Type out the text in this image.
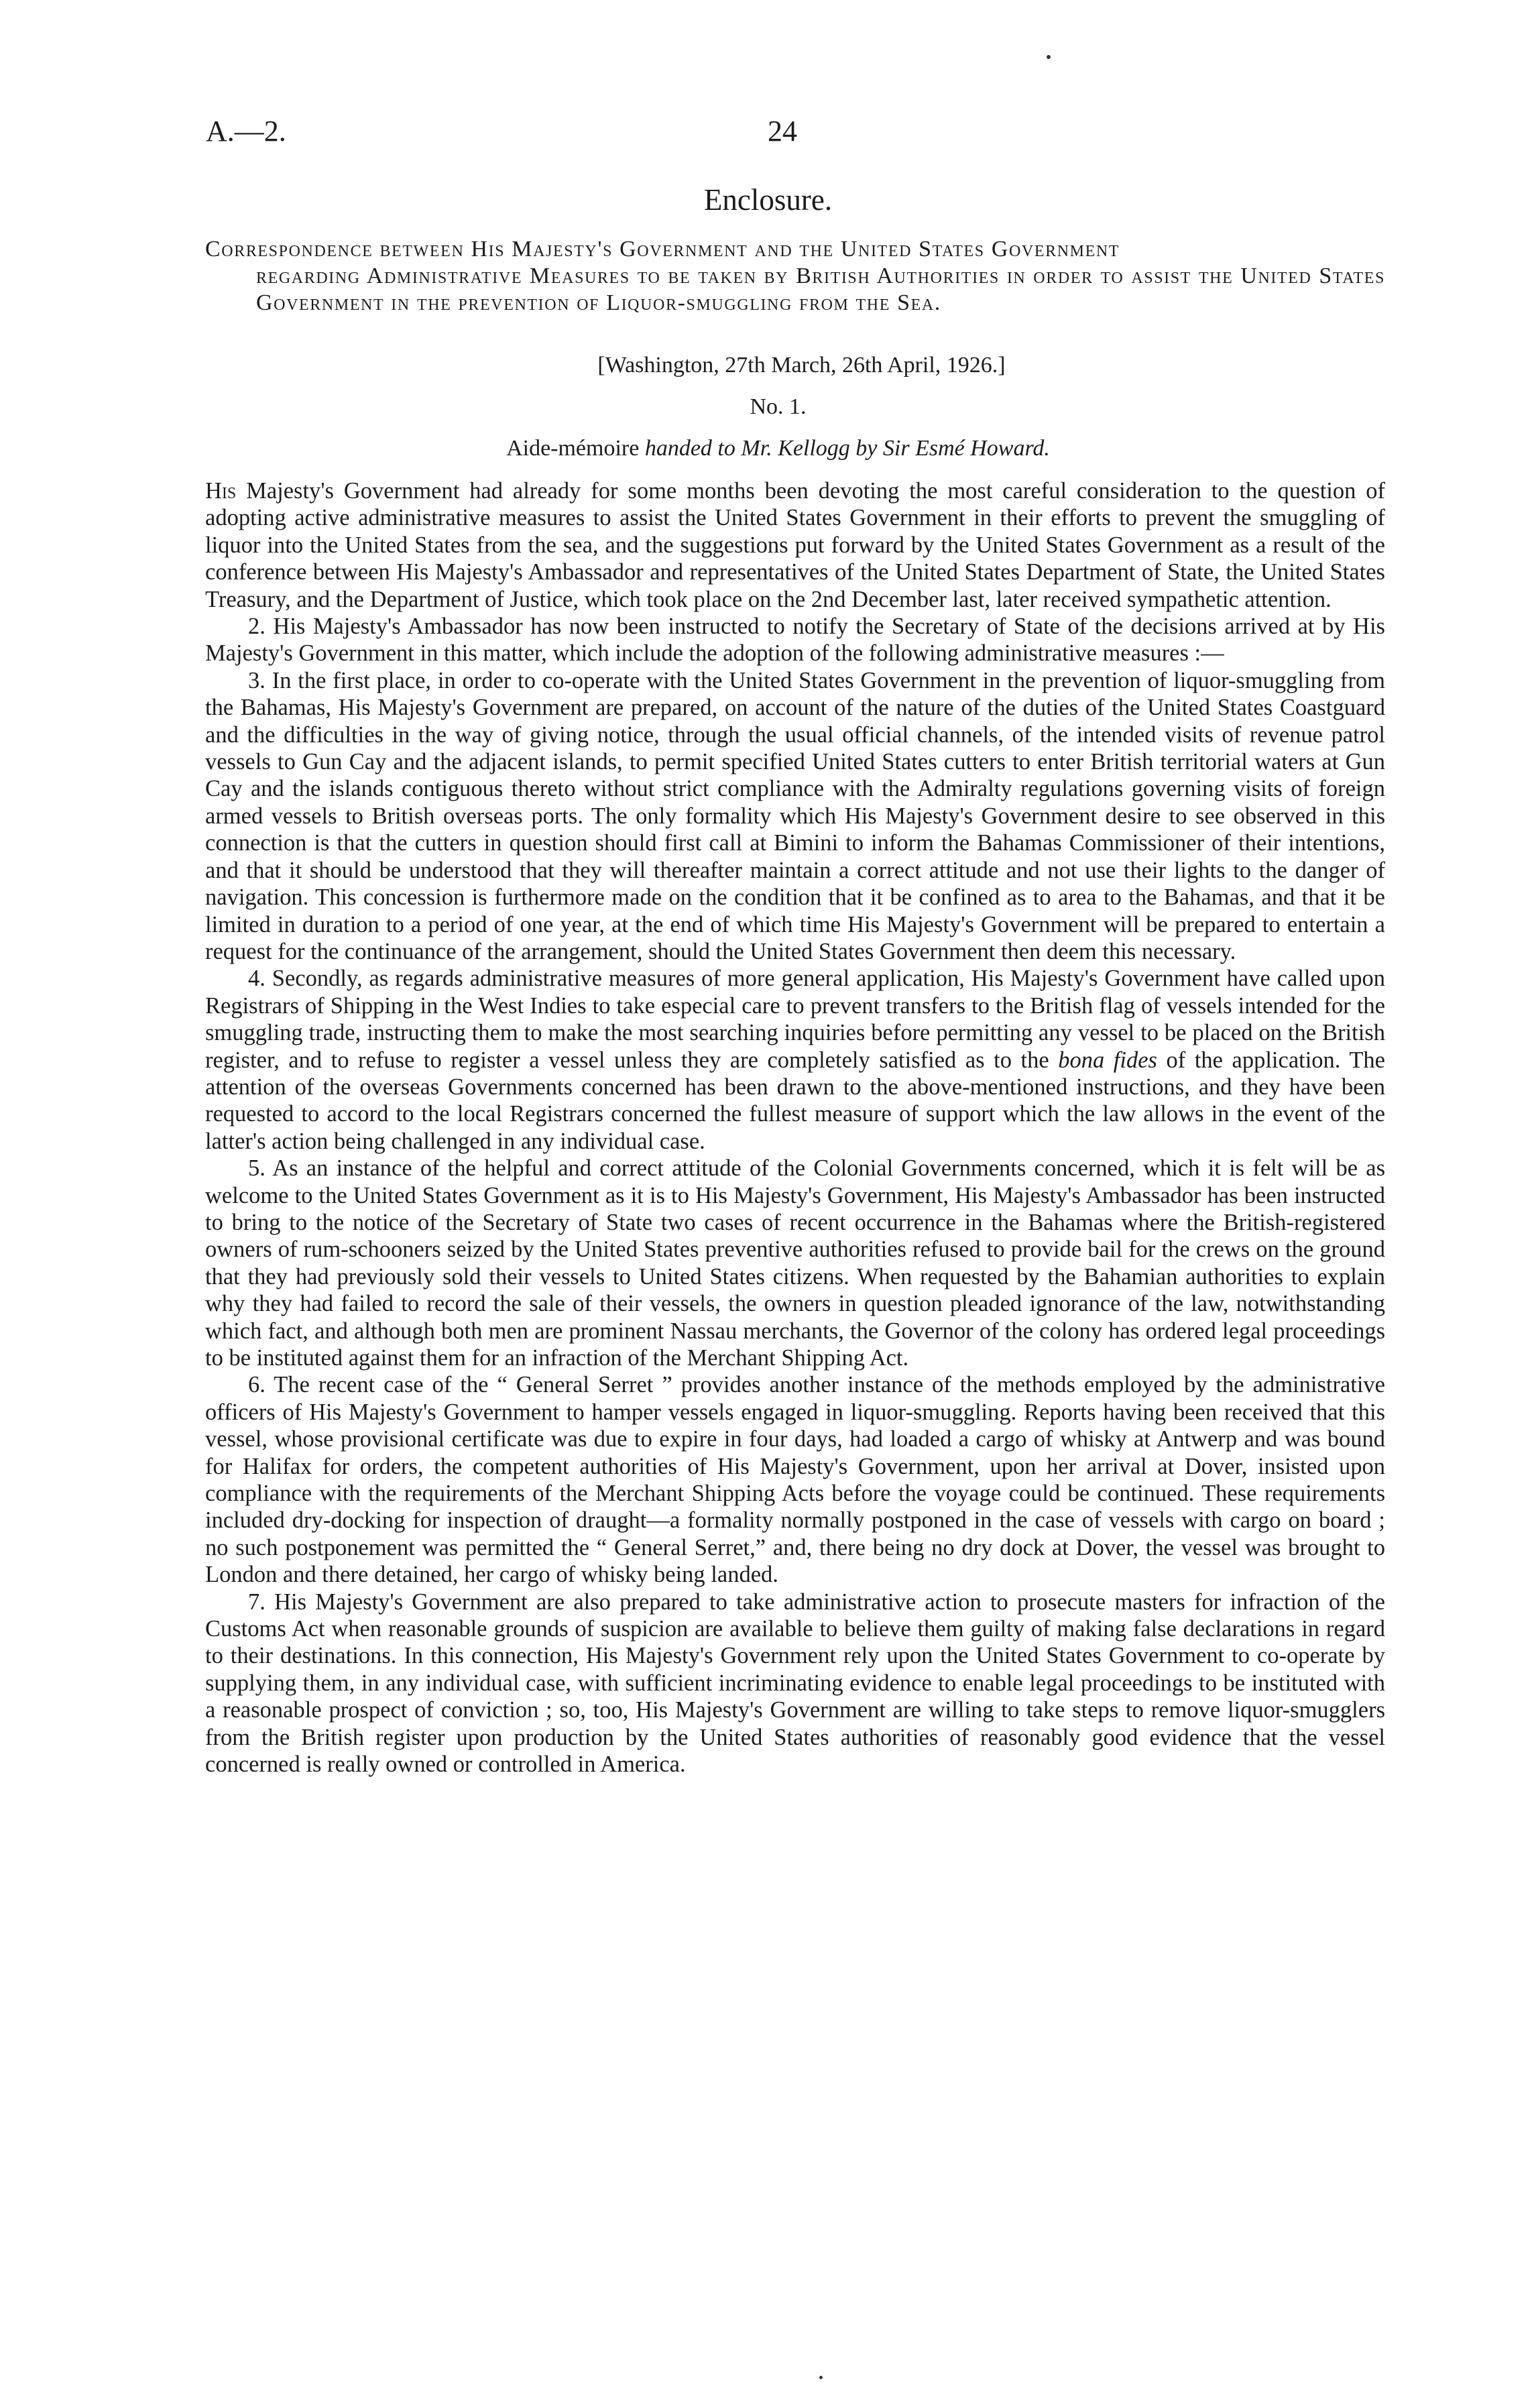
A.—2.	24
Enclosure.
Correspondence between His Majesty's Government and the United States Government
regarding Administrative Measures to be taken by British Authorities in order to assist the United States Government in the prevention of Liquor-smuggling from the Sea.
[Washington, 27th March, 26th April, 1926.]
No. 1.
Aide-mémoire handed to Mr. Kellogg by Sir Esmé Howard.

His Majesty's Government had already for some months been devoting the most careful consideration to the question of adopting active administrative measures to assist the United States Government in their efforts to prevent the smuggling of liquor into the United States from the sea, and the suggestions put forward by the United States Government as a result of the conference between His Majesty's Ambassador and representatives of the United States Department of State, the United States Treasury, and the Department of Justice, which took place on the 2nd December last, later received sympathetic attention.

2. His Majesty's Ambassador has now been instructed to notify the Secretary of State of the decisions arrived at by His Majesty's Government in this matter, which include the adoption of the following administrative measures :—

3. In the first place, in order to co-operate with the United States Government in the prevention of liquor-smuggling from the Bahamas, His Majesty's Government are prepared, on account of the nature of the duties of the United States Coastguard and the difficulties in the way of giving notice, through the usual official channels, of the intended visits of revenue patrol vessels to Gun Cay and the adjacent islands, to permit specified United States cutters to enter British territorial waters at Gun Cay and the islands contiguous thereto without strict compliance with the Admiralty regulations governing visits of foreign armed vessels to British overseas ports. The only formality which His Majesty's Government desire to see observed in this connection is that the cutters in question should first call at Bimini to inform the Bahamas Commissioner of their intentions, and that it should be understood that they will thereafter maintain a correct attitude and not use their lights to the danger of navigation. This concession is furthermore made on the condition that it be confined as to area to the Bahamas, and that it be limited in duration to a period of one year, at the end of which time His Majesty's Government will be prepared to entertain a request for the continuance of the arrangement, should the United States Government then deem this necessary.

4. Secondly, as regards administrative measures of more general application, His Majesty's Government have called upon Registrars of Shipping in the West Indies to take especial care to prevent transfers to the British flag of vessels intended for the smuggling trade, instructing them to make the most searching inquiries before permitting any vessel to be placed on the British register, and to refuse to register a vessel unless they are completely satisfied as to the bona fides of the application. The attention of the overseas Governments concerned has been drawn to the above-mentioned instructions, and they have been requested to accord to the local Registrars concerned the fullest measure of support which the law allows in the event of the latter's action being challenged in any individual case.

5. As an instance of the helpful and correct attitude of the Colonial Governments concerned, which it is felt will be as welcome to the United States Government as it is to His Majesty's Government, His Majesty's Ambassador has been instructed to bring to the notice of the Secretary of State two cases of recent occurrence in the Bahamas where the British-registered owners of rum-schooners seized by the United States preventive authorities refused to provide bail for the crews on the ground that they had previously sold their vessels to United States citizens. When requested by the Bahamian authorities to explain why they had failed to record the sale of their vessels, the owners in question pleaded ignorance of the law, notwithstanding which fact, and although both men are prominent Nassau merchants, the Governor of the colony has ordered legal proceedings to be instituted against them for an infraction of the Merchant Shipping Act.

6. The recent case of the “ General Serret ” provides another instance of the methods employed by the administrative officers of His Majesty's Government to hamper vessels engaged in liquor-smuggling. Reports having been received that this vessel, whose provisional certificate was due to expire in four days, had loaded a cargo of whisky at Antwerp and was bound for Halifax for orders, the competent authorities of His Majesty's Government, upon her arrival at Dover, insisted upon compliance with the requirements of the Merchant Shipping Acts before the voyage could be continued. These requirements included dry-docking for inspection of draught—a formality normally postponed in the case of vessels with cargo on board ; no such postponement was permitted the “ General Serret,” and, there being no dry dock at Dover, the vessel was brought to London and there detained, her cargo of whisky being landed.

7. His Majesty's Government are also prepared to take administrative action to prosecute masters for infraction of the Customs Act when reasonable grounds of suspicion are available to believe them guilty of making false declarations in regard to their destinations. In this connection, His Majesty's Government rely upon the United States Government to co-operate by supplying them, in any individual case, with sufficient incriminating evidence to enable legal proceedings to be instituted with a reasonable prospect of conviction ; so, too, His Majesty's Government are willing to take steps to remove liquor-smugglers from the British register upon production by the United States authorities of reasonably good evidence that the vessel concerned is really owned or controlled in America.
